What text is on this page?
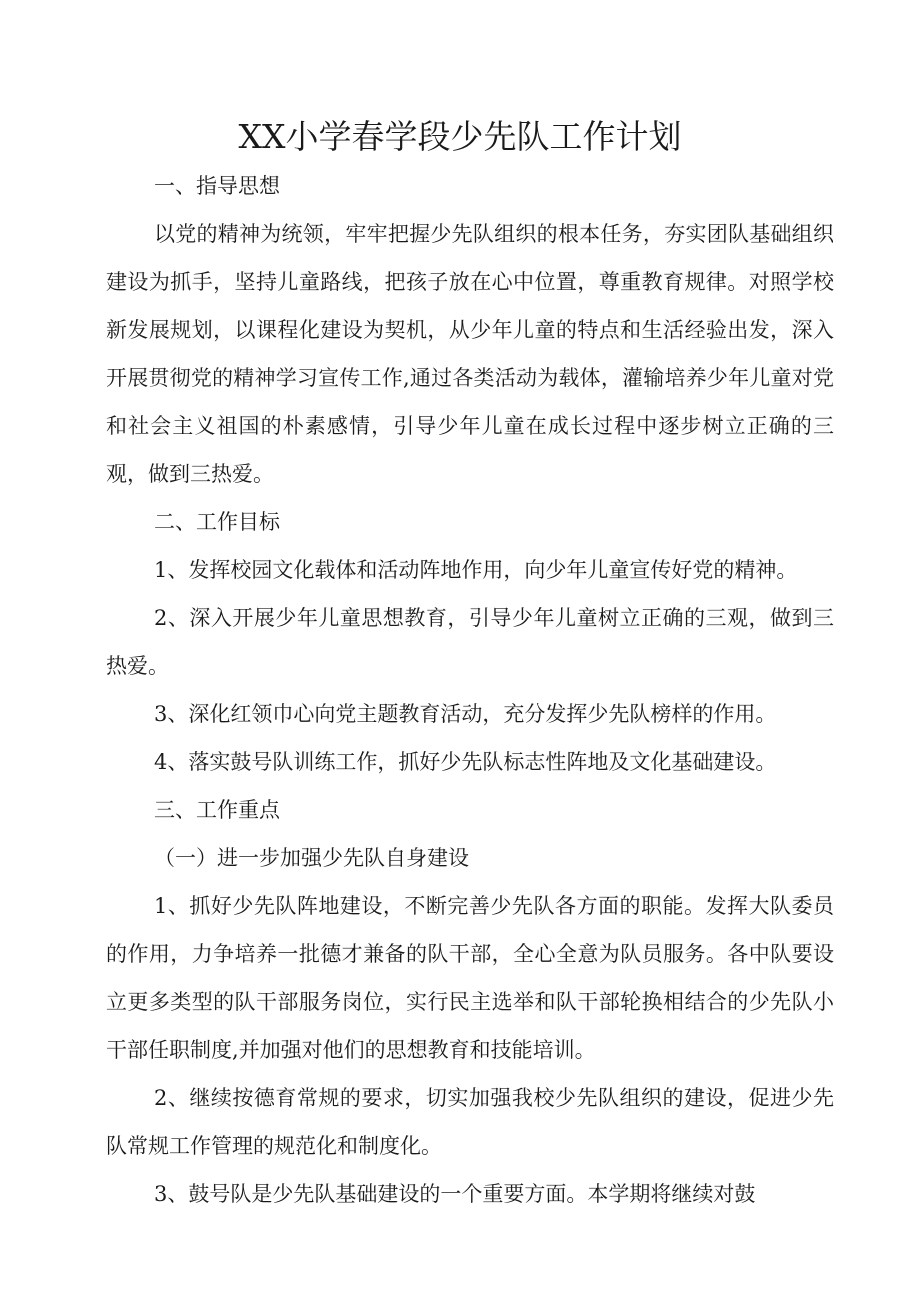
XX小学春学段少先队工作计划

一、指导思想

以党的精神为统领，牢牢把握少先队组织的根本任务，夯实团队基础组织建设为抓手，坚持儿童路线，把孩子放在心中位置，尊重教育规律。对照学校新发展规划，以课程化建设为契机，从少年儿童的特点和生活经验出发，深入开展贯彻党的精神学习宣传工作,通过各类活动为载体，灌输培养少年儿童对党和社会主义祖国的朴素感情，引导少年儿童在成长过程中逐步树立正确的三观，做到三热爱。

二、工作目标

1、发挥校园文化载体和活动阵地作用，向少年儿童宣传好党的精神。

2、深入开展少年儿童思想教育，引导少年儿童树立正确的三观，做到三热爱。

3、深化红领巾心向党主题教育活动，充分发挥少先队榜样的作用。

4、落实鼓号队训练工作，抓好少先队标志性阵地及文化基础建设。

三、工作重点

（一）进一步加强少先队自身建设

1、抓好少先队阵地建设，不断完善少先队各方面的职能。发挥大队委员的作用，力争培养一批德才兼备的队干部，全心全意为队员服务。各中队要设立更多类型的队干部服务岗位，实行民主选举和队干部轮换相结合的少先队小干部任职制度,并加强对他们的思想教育和技能培训。

2、继续按德育常规的要求，切实加强我校少先队组织的建设，促进少先队常规工作管理的规范化和制度化。

3、鼓号队是少先队基础建设的一个重要方面。本学期将继续对鼓
